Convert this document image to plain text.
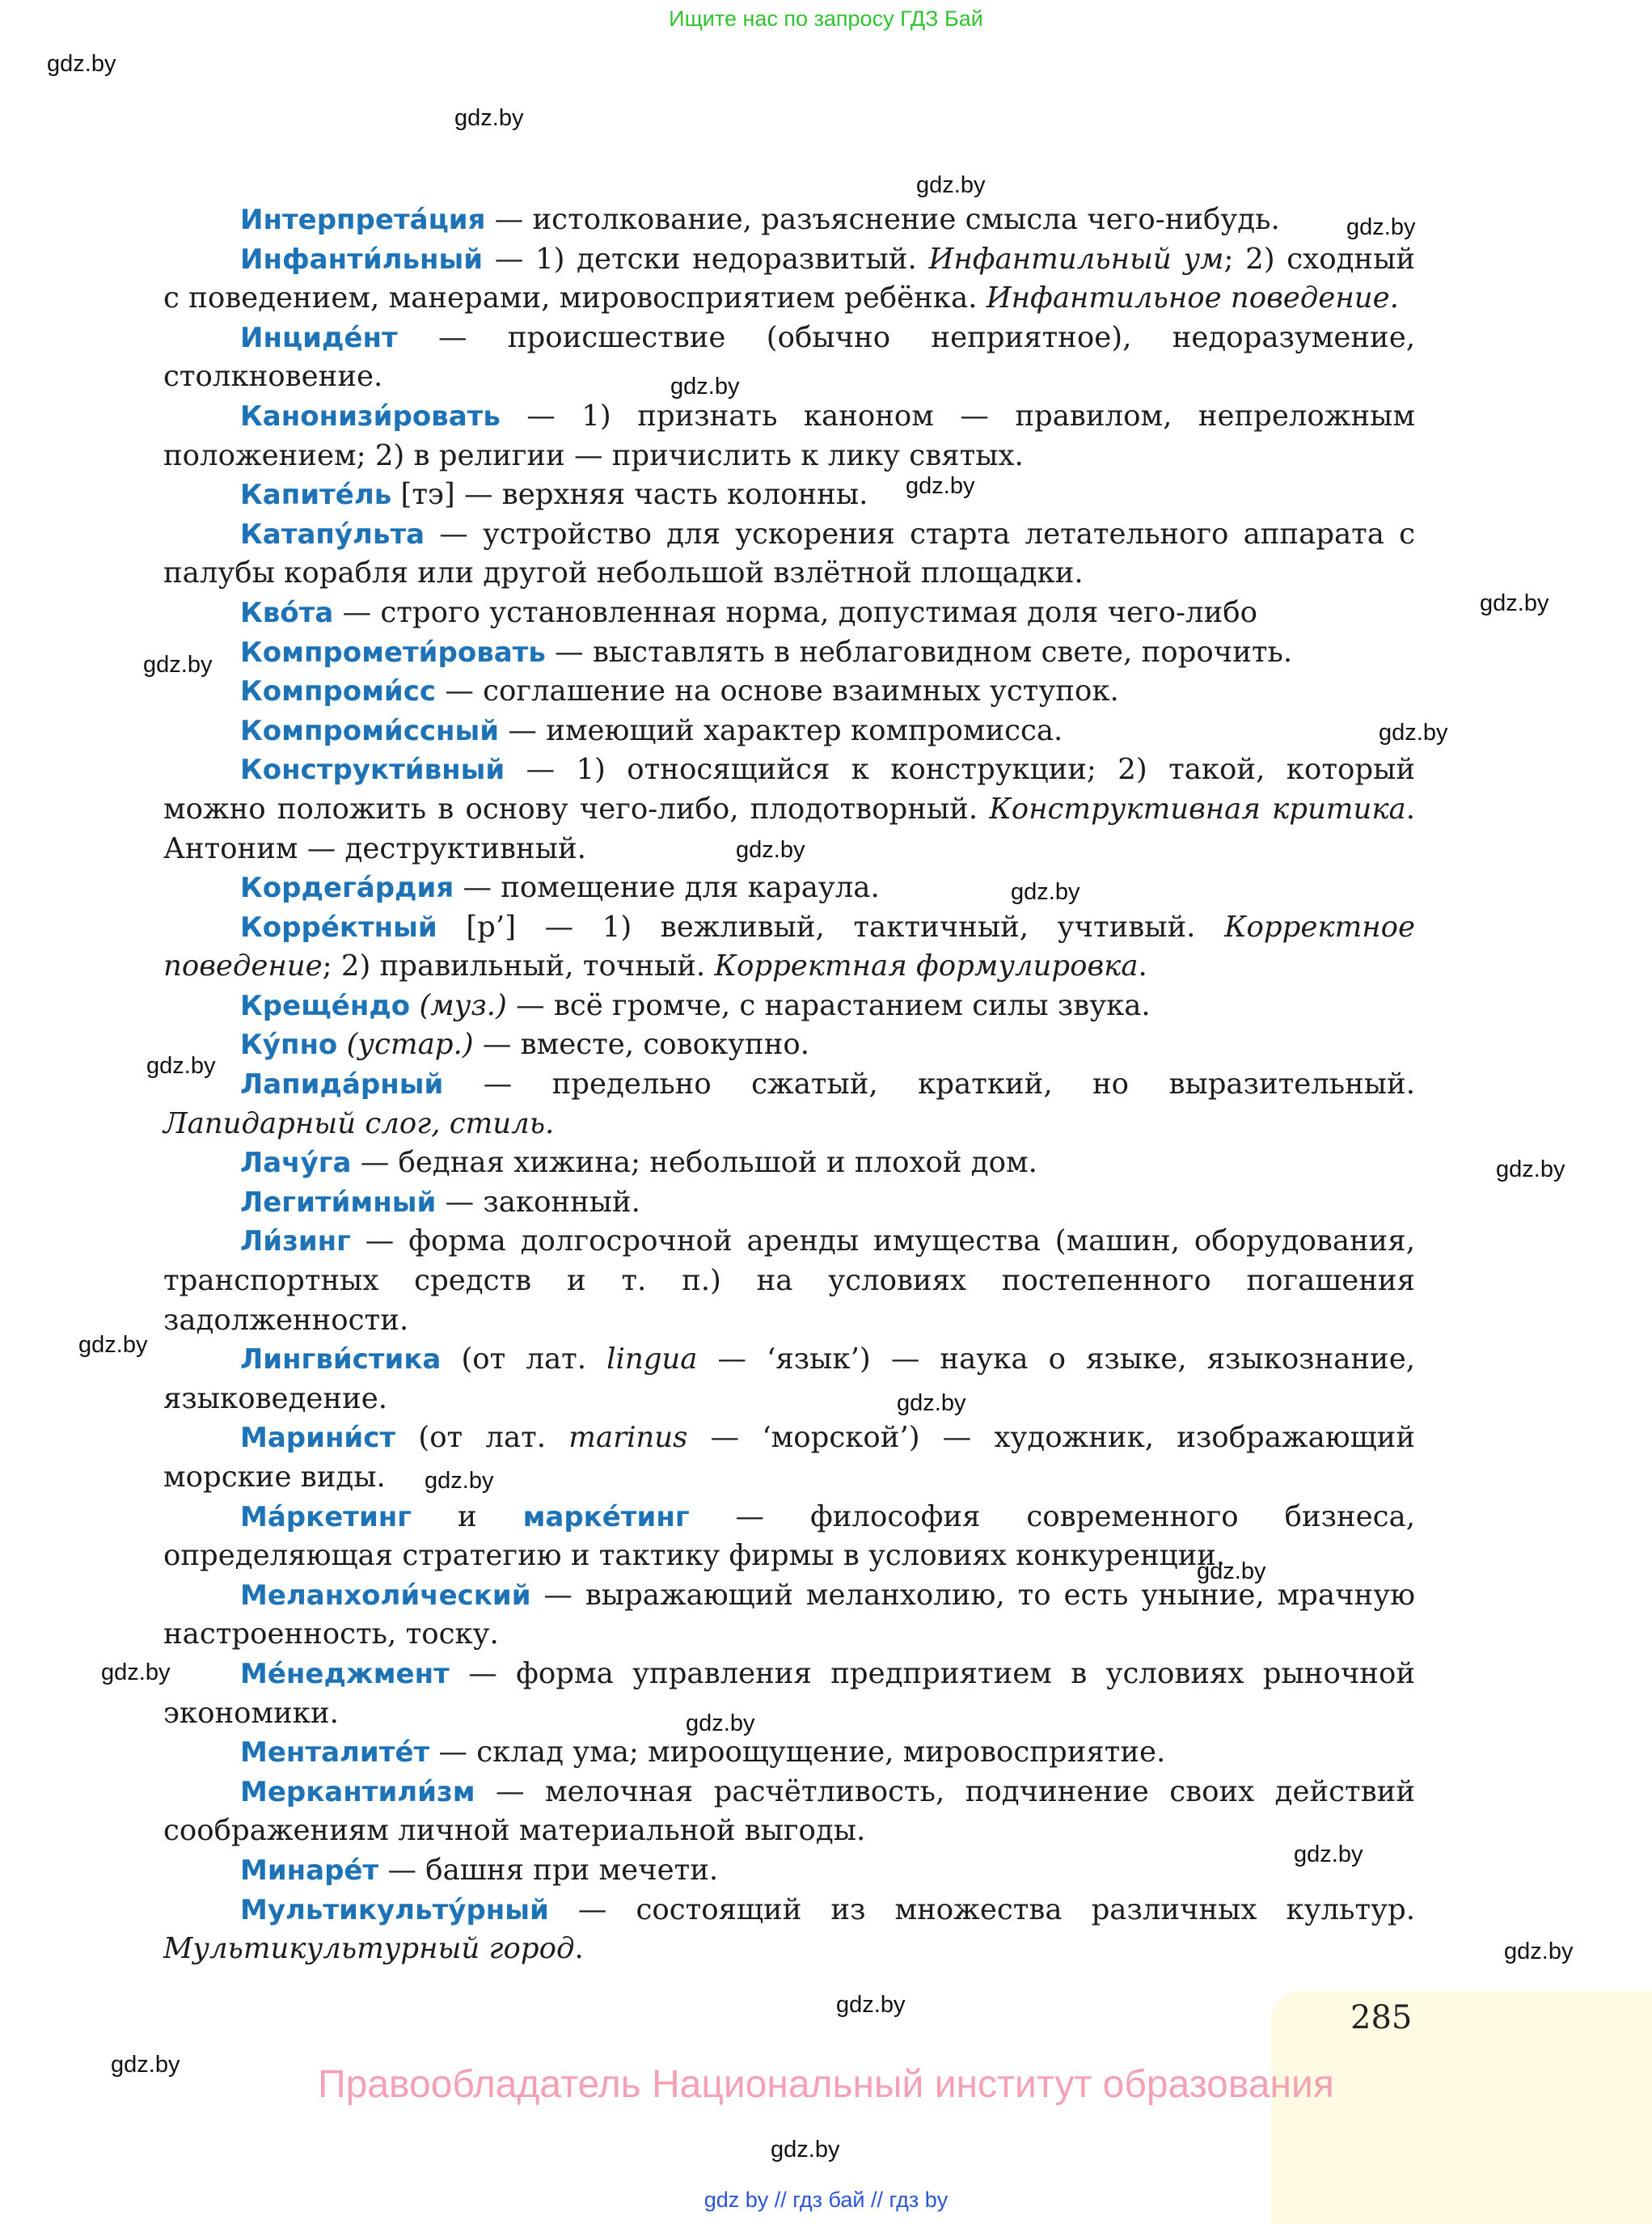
Ищите нас по запросу ГДЗ Бай
gdz.by
gdz.by
gdz.by
gdz.by
gdz.by
gdz.by
gdz.by
gdz.by
gdz.by
gdz.by
gdz.by
gdz.by
gdz.by
gdz.by
gdz.by
gdz.by
gdz.by
gdz.by
gdz.by
gdz.by
gdz.by
gdz.by
gdz.by
gdz.by

Интерпрета́ция — истолкование, разъяснение смысла чего-нибудь.

Инфанти́льный — 1) детски недоразвитый. Инфантильный ум; 2) сходный с поведением, манерами, мировосприятием ребёнка. Инфантильное поведение.

Инциде́нт — происшествие (обычно неприятное), недоразумение, столкновение.

Канонизи́ровать — 1) признать каноном — правилом, непреложным положением; 2) в религии — причислить к лику святых.

Капите́ль [тэ] — верхняя часть колонны.

Катапу́льта — устройство для ускорения старта летательного аппарата с палубы корабля или другой небольшой взлётной площадки.

Кво́та — строго установленная норма, допустимая доля чего-либо

Компромети́ровать — выставлять в неблаговидном свете, порочить.

Компроми́сс — соглашение на основе взаимных уступок.

Компроми́ссный — имеющий характер компромисса.

Конструкти́вный — 1) относящийся к конструкции; 2) такой, который можно положить в основу чего-либо, плодотворный. Конструктивная критика. Антоним — деструктивный.

Кордега́рдия — помещение для караула.

Корре́ктный [р’] — 1) вежливый, тактичный, учтивый. Корректное поведение; 2) правильный, точный. Корректная формулировка.

Крещéндо (муз.) — всё громче, с нарастанием силы звука.

Ку́пно (устар.) — вместе, совокупно.

Лапида́рный — предельно сжатый, краткий, но выразительный. Лапидарный слог, стиль.

Лачу́га — бедная хижина; небольшой и плохой дом.

Легити́мный — законный.

Ли́зинг — форма долгосрочной аренды имущества (машин, оборудования, транспортных средств и т. п.) на условиях постепенного погашения задолженности.

Лингви́стика (от лат. lingua — ‘язык’) — наука о языке, языкознание, языковедение.

Марини́ст (от лат. marinus — ‘морской’) — художник, изображающий морские виды.

Ма́ркетинг и марке́тинг — философия современного бизнеса, определяющая стратегию и тактику фирмы в условиях конкуренции.

Меланхоли́ческий — выражающий меланхолию, то есть уныние, мрачную настроенность, тоску.

Ме́неджмент — форма управления предприятием в условиях рыночной экономики.

Менталите́т — склад ума; мироощущение, мировосприятие.

Меркантили́зм — мелочная расчётливость, подчинение своих действий соображениям личной материальной выгоды.

Минаре́т — башня при мечети.

Мультикульту́рный — состоящий из множества различных культур. Мультикультурный город.

285
Правообладатель Национальный институт образования
gdz by // гдз бай // гдз by
